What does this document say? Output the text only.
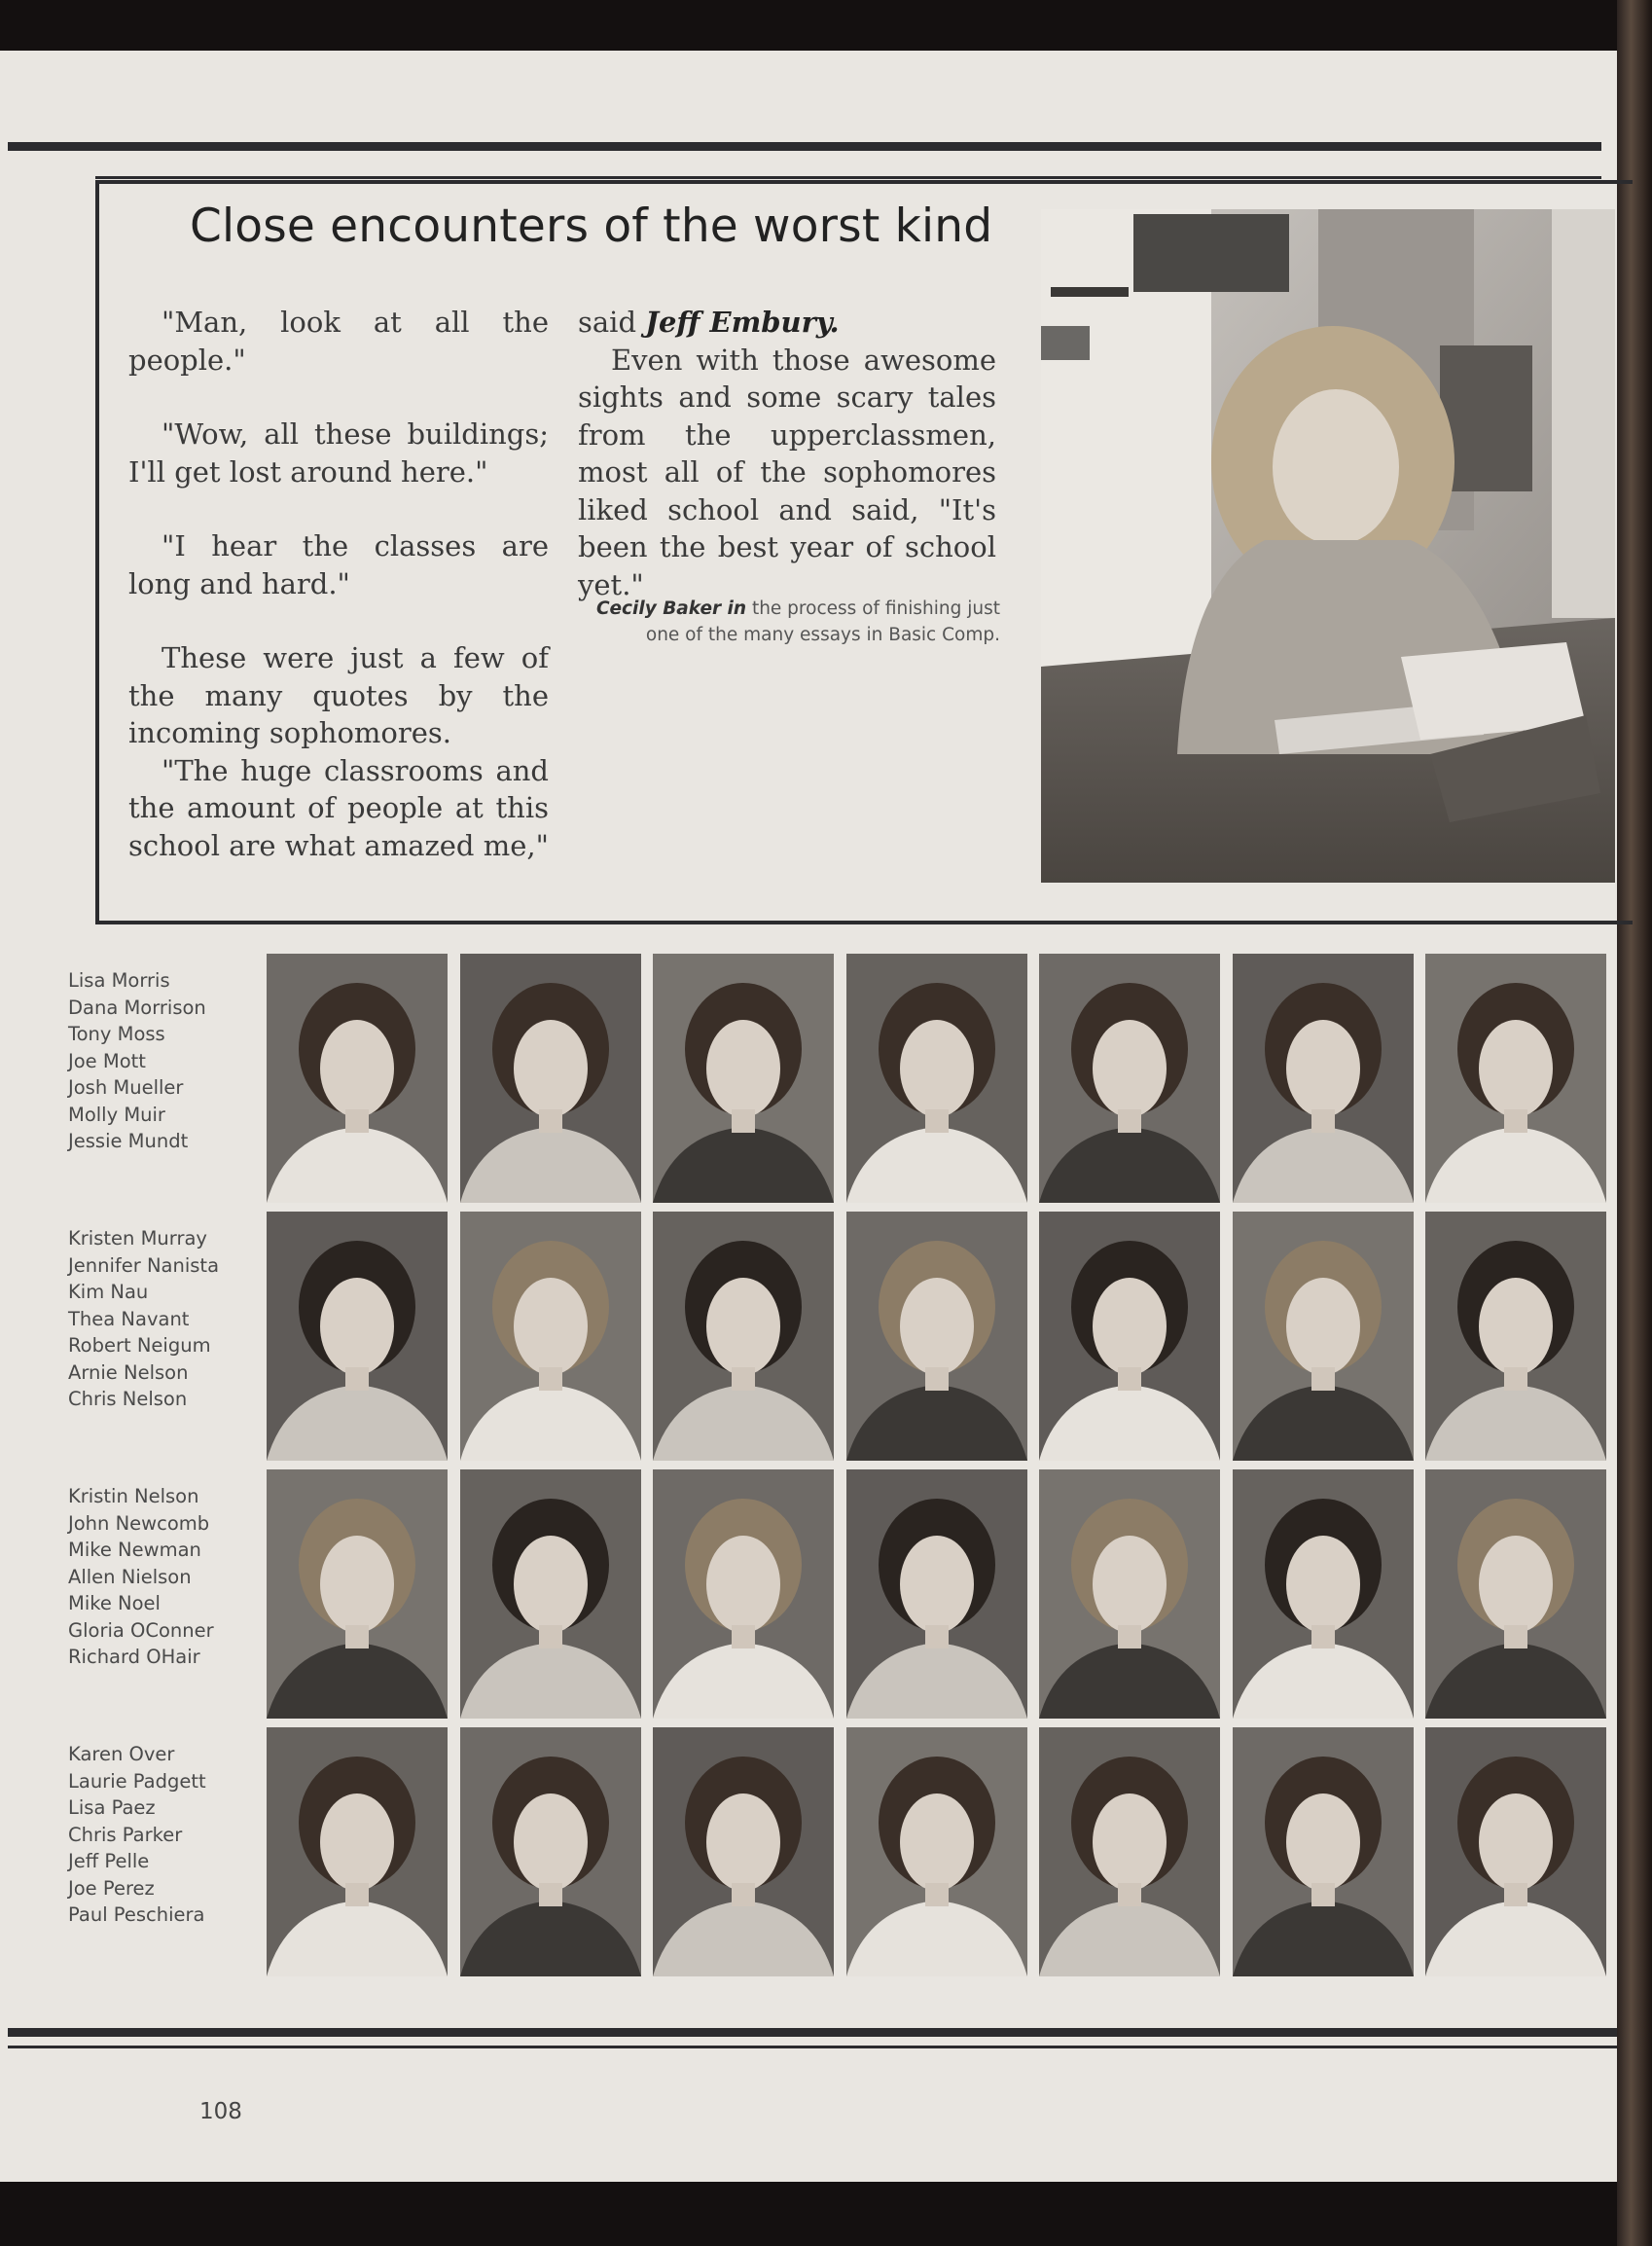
Close encounters of the worst kind

"Man, look at all the people."

"Wow, all these buildings; I'll get lost around here."

"I hear the classes are long and hard."

These were just a few of the many quotes by the incoming sophomores.

"The huge classrooms and the amount of people at this school are what amazed me,"

said Jeff Embury.

Even with those awesome sights and some scary tales from the upperclassmen, most all of the sophomores liked school and said, "It's been the best year of school yet."

Cecily Baker in the process of finishing just one of the many essays in Basic Comp.
Lisa Morris
Dana Morrison
Tony Moss
Joe Mott
Josh Mueller
Molly Muir
Jessie Mundt
Kristen Murray
Jennifer Nanista
Kim Nau
Thea Navant
Robert Neigum
Arnie Nelson
Chris Nelson
Kristin Nelson
John Newcomb
Mike Newman
Allen Nielson
Mike Noel
Gloria OConner
Richard OHair
Karen Over
Laurie Padgett
Lisa Paez
Chris Parker
Jeff Pelle
Joe Perez
Paul Peschiera
108
